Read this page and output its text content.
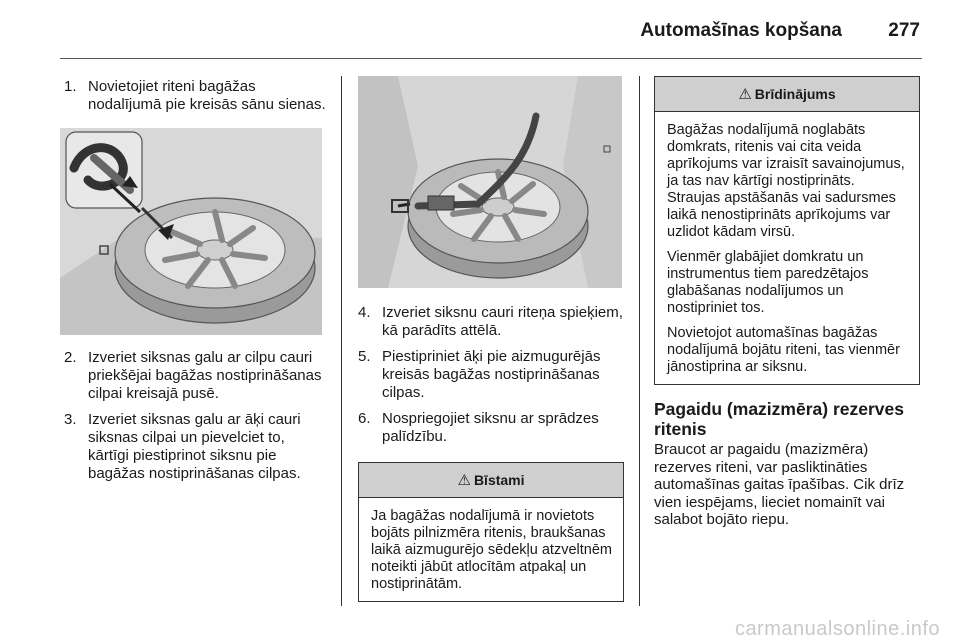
Automašīnas kopšana 277
1. Novietojiet riteni bagāžas nodalījumā pie kreisās sānu sienas.
2. Izveriet siksnas galu ar cilpu cauri priekšējai bagāžas nostiprināšanas cilpai kreisajā pusē.
3. Izveriet siksnas galu ar āķi cauri siksnas cilpai un pievelciet to, kārtīgi piestiprinot siksnu pie bagāžas nostiprināšanas cilpas.
4. Izveriet siksnu cauri riteņa spieķiem, kā parādīts attēlā.
5. Piestipriniet āķi pie aizmugurējās kreisās bagāžas nostiprināšanas cilpas.
6. Nospriegojiet siksnu ar sprādzes palīdzību.
⚠ Bīstami

Ja bagāžas nodalījumā ir novietots bojāts pilnizmēra ritenis, braukšanas laikā aizmugurējo sēdekļu atzveltnēm noteikti jābūt atlocītām atpakaļ un nostiprinātām.

⚠ Brīdinājums

Bagāžas nodalījumā noglabāts domkrats, ritenis vai cita veida aprīkojums var izraisīt savainojumus, ja tas nav kārtīgi nostiprināts. Straujas apstāšanās vai sadursmes laikā nenostiprināts aprīkojums var uzlidot kādam virsū.

Vienmēr glabājiet domkratu un instrumentus tiem paredzētajos glabāšanas nodalījumos un nostipriniet tos.

Novietojot automašīnas bagāžas nodalījumā bojātu riteni, tas vienmēr jānostiprina ar siksnu.

Pagaidu (mazizmēra) rezerves ritenis

Braucot ar pagaidu (mazizmēra) rezerves riteni, var pasliktināties automašīnas gaitas īpašības. Cik drīz vien iespējams, lieciet nomainīt vai salabot bojāto riepu.

carmanualsonline.info
